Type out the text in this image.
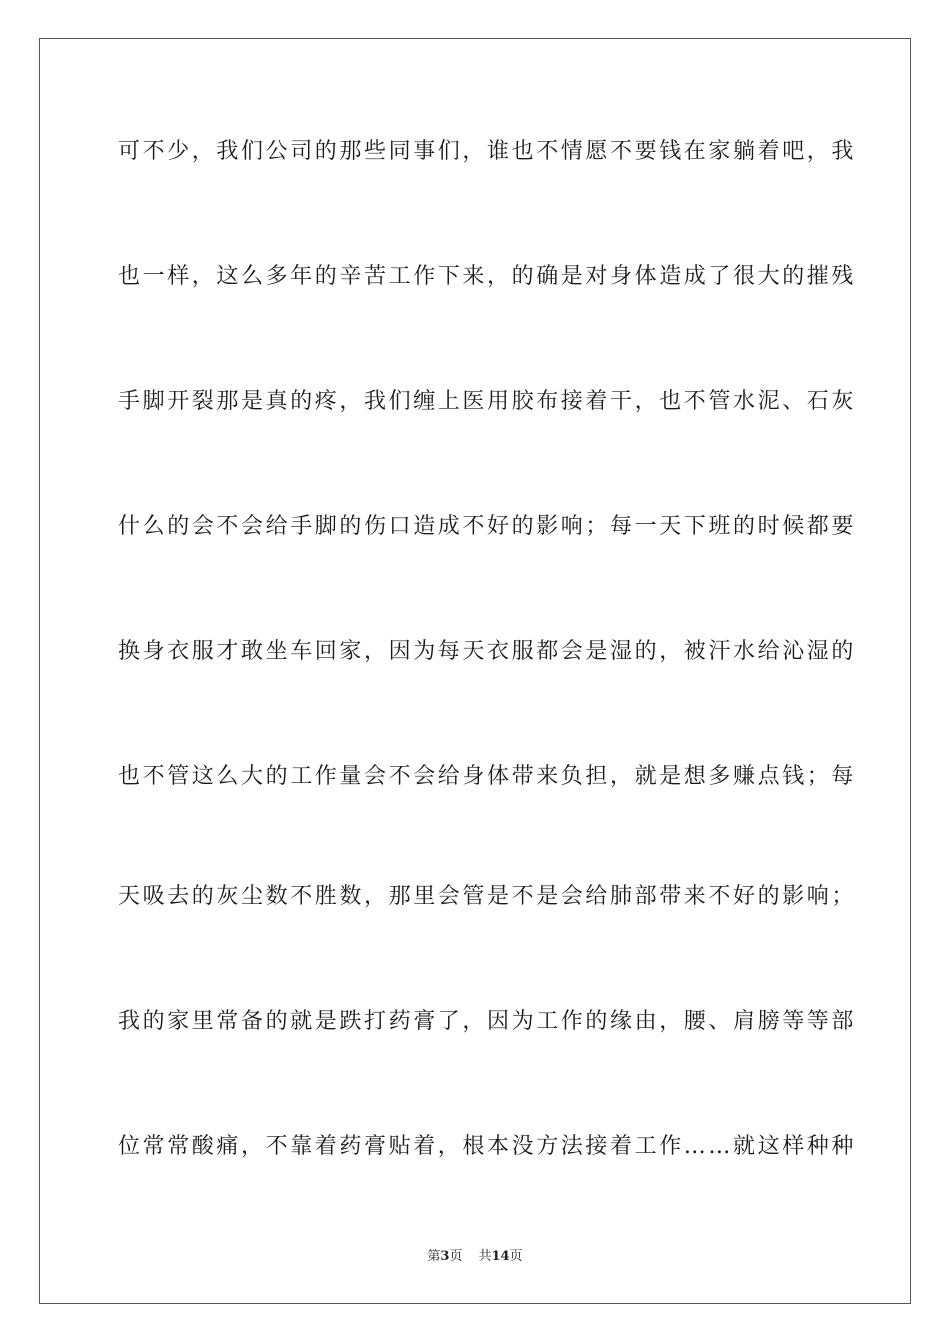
可不少，我们公司的那些同事们，谁也不情愿不要钱在家躺着吧，我

也一样，这么多年的辛苦工作下来，的确是对身体造成了很大的摧残

手脚开裂那是真的疼，我们缠上医用胶布接着干，也不管水泥、石灰

什么的会不会给手脚的伤口造成不好的影响；每一天下班的时候都要

换身衣服才敢坐车回家，因为每天衣服都会是湿的，被汗水给沁湿的

也不管这么大的工作量会不会给身体带来负担，就是想多赚点钱；每

天吸去的灰尘数不胜数，那里会管是不是会给肺部带来不好的影响；

我的家里常备的就是跌打药膏了，因为工作的缘由，腰、肩膀等等部

位常常酸痛，不靠着药膏贴着，根本没方法接着工作……就这样种种

第3页 共14页
